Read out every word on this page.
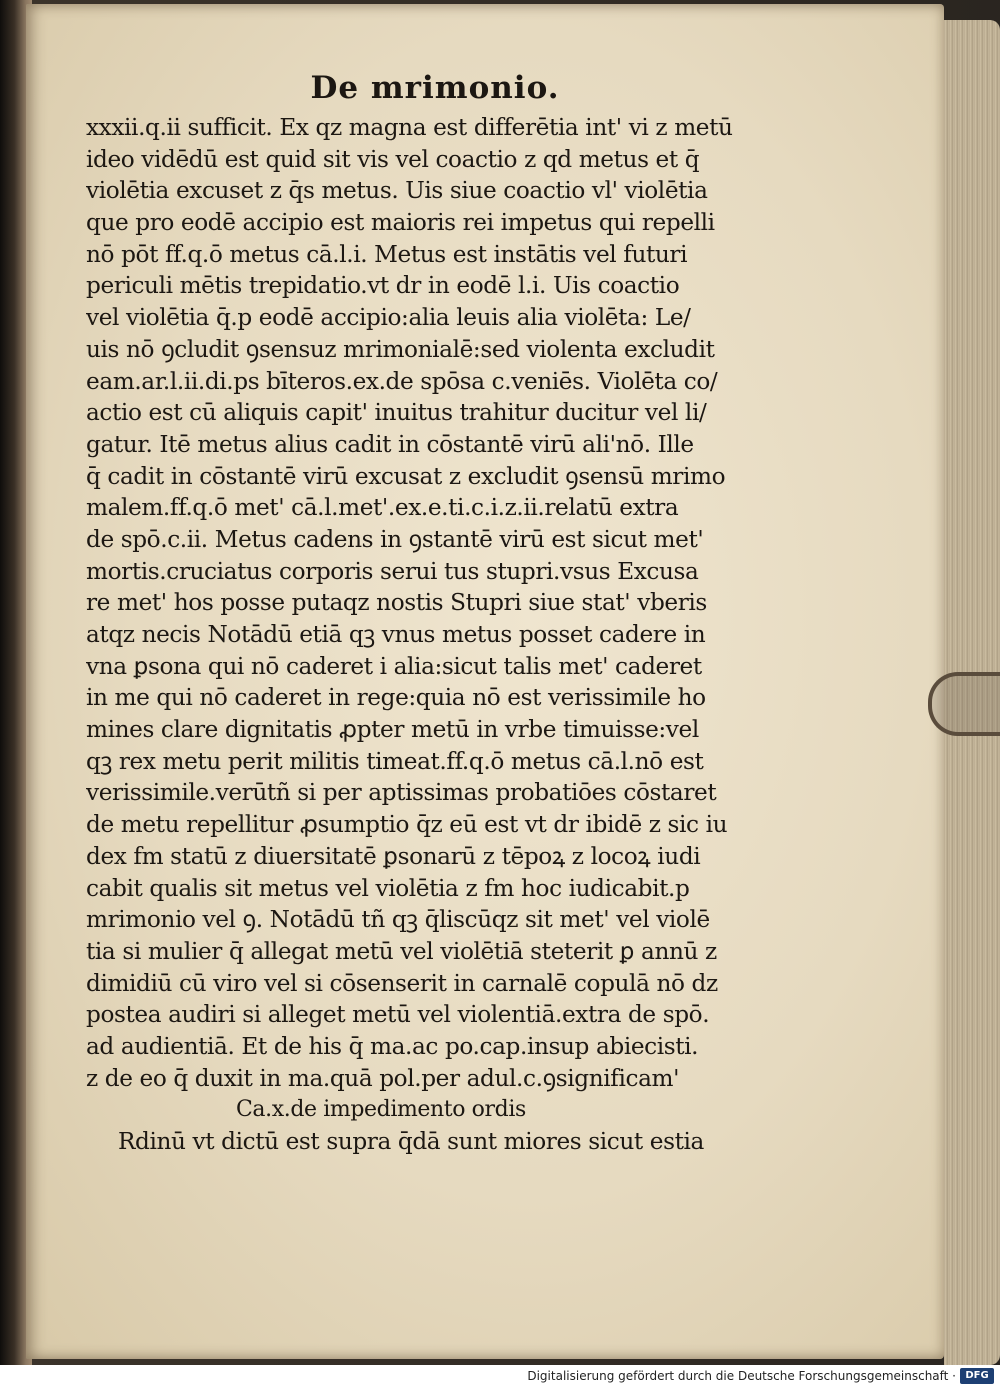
De mrimonio.
xxxii.q.ii sufficit. Ex qz magna est differētia int' vi z metū
ideo vidēdū est quid sit vis vel coactio z qd metus et q̄
violētia excuset z q̄s metus. Uis siue coactio vl' violētia
que pro eodē accipio est maioris rei impetus qui repelli
nō pōt ff.q.ō metus cā.l.i. Metus est instātis vel futuri
periculi mētis trepidatio.vt dr in eodē l.i. Uis coactio
vel violētia q̄.p eodē accipio:alia leuis alia violēta: Le/
uis nō ꝯcludit ꝯsensuz mrimonialē:sed violenta excludit
eam.ar.l.ii.di.ps bīteros.ex.de spōsa c.veniēs. Violēta co/
actio est cū aliquis capit' inuitus trahitur ducitur vel li/
gatur. Itē metus alius cadit in cōstantē virū ali'nō. Ille
q̄ cadit in cōstantē virū excusat z excludit ꝯsensū mrimo
malem.ff.q.ō met' cā.l.met'.ex.e.ti.c.i.z.ii.relatū extra
de spō.c.ii. Metus cadens in ꝯstantē virū est sicut met'
mortis.cruciatus corporis serui tus stupri.vsus Excusa
re met' hos posse putaqz nostis Stupri siue stat' vberis
atqz necis Notādū etiā qꝫ vnus metus posset cadere in
vna ꝑsona qui nō caderet i alia:sicut talis met' caderet
in me qui nō caderet in rege:quia nō est verissimile ho
mines clare dignitatis ꝓpter metū in vrbe timuisse:vel
qꝫ rex metu perit militis timeat.ff.q.ō metus cā.l.nō est
verissimile.verūtñ si per aptissimas probatiōes cōstaret
de metu repellitur ꝓsumptio q̄z eū est vt dr ibidē z sic iu
dex fm statū z diuersitatē ꝑsonarū z tēpoꝝ z locoꝝ iudi
cabit qualis sit metus vel violētia z fm hoc iudicabit.p
mrimonio vel ꝯ. Notādū tñ qꝫ q̄liscūqz sit met' vel violē
tia si mulier q̄ allegat metū vel violētiā steterit ꝑ annū z
dimidiū cū viro vel si cōsenserit in carnalē copulā nō dz
postea audiri si alleget metū vel violentiā.extra de spō.
ad audientiā. Et de his q̄ ma.ac po.cap.insup abiecisti.
z de eo q̄ duxit in ma.quā pol.per adul.c.ꝯsignificam'
Ca.x.de impedimento ordis
Rdinū vt dictū est supra q̄dā sunt miores sicut estia
Digitalisierung gefördert durch die Deutsche Forschungsgemeinschaft · DFG
